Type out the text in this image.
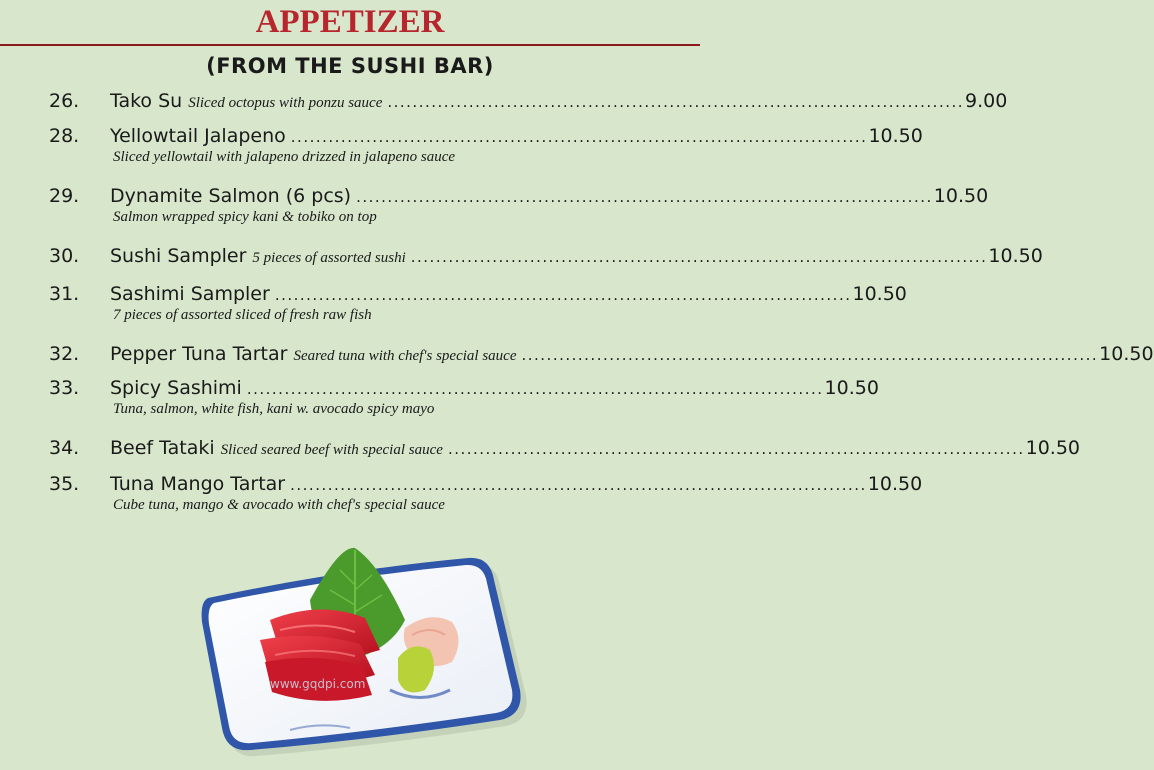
APPETIZER
(FROM THE SUSHI BAR)
26. Tako Su Sliced octopus with ponzu sauce ............................................................................................ 9.00
28. Yellowtail Jalapeno ............................................................................................ 10.50
Sliced yellowtail with jalapeno drizzed in jalapeno sauce
29. Dynamite Salmon (6 pcs) ............................................................................................ 10.50
Salmon wrapped spicy kani & tobiko on top
30. Sushi Sampler 5 pieces of assorted sushi ............................................................................................ 10.50
31. Sashimi Sampler ............................................................................................ 10.50
7 pieces of assorted sliced of fresh raw fish
32. Pepper Tuna Tartar Seared tuna with chef's special sauce ............................................................................................ 10.50
33. Spicy Sashimi ............................................................................................ 10.50
Tuna, salmon, white fish, kani w. avocado spicy mayo
34. Beef Tataki Sliced seared beef with special sauce ............................................................................................ 10.50
35. Tuna Mango Tartar ............................................................................................ 10.50
Cube tuna, mango & avocado with chef's special sauce
www.gqdpi.com
